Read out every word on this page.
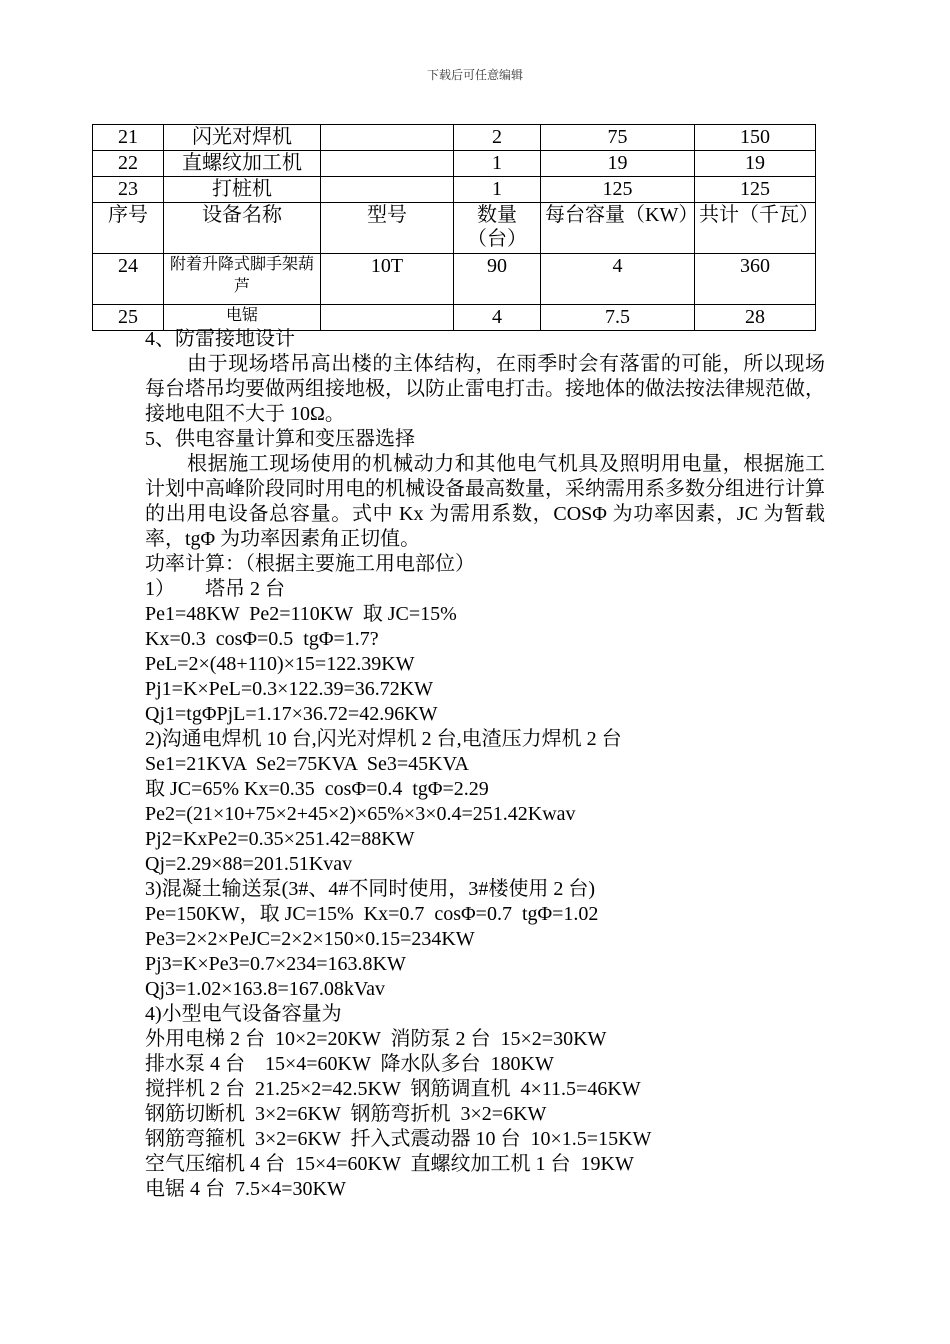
下载后可任意编辑
21	闪光对焊机		2	75	150
22	直螺纹加工机		1	19	19
23	打桩机		1	125	125
序号	设备名称	型号	数量（台）	每台容量（KW）	共计（千瓦）
24	附着升降式脚手架葫芦	10T	90	4	360
25	电锯		4	7.5	28

4、防雷接地设计

由于现场塔吊高出楼的主体结构，在雨季时会有落雷的可能，所以现场每台塔吊均要做两组接地极，以防止雷电打击。接地体的做法按法律规范做，接地电阻不大于 10Ω。

5、供电容量计算和变压器选择

根据施工现场使用的机械动力和其他电气机具及照明用电量，根据施工计划中高峰阶段同时用电的机械设备最高数量，采纳需用系多数分组进行计算的出用电设备总容量。式中 Kx 为需用系数，COSΦ 为功率因素，JC 为暂载率，tgΦ 为功率因素角正切值。

功率计算：（根据主要施工用电部位）

1）      塔吊 2 台

Pe1=48KW  Pe2=110KW  取 JC=15%

Kx=0.3  cosΦ=0.5  tgΦ=1.7?

PeL=2×(48+110)×15=122.39KW

Pj1=K×PeL=0.3×122.39=36.72KW

Qj1=tgΦPjL=1.17×36.72=42.96KW

2)沟通电焊机 10 台,闪光对焊机 2 台,电渣压力焊机 2 台

Se1=21KVA  Se2=75KVA  Se3=45KVA

取 JC=65% Kx=0.35  cosΦ=0.4  tgΦ=2.29

Pe2=(21×10+75×2+45×2)×65%×3×0.4=251.42Kwav

Pj2=KxPe2=0.35×251.42=88KW

Qj=2.29×88=201.51Kvav

3)混凝土输送泵(3#、4#不同时使用，3#楼使用 2 台)

Pe=150KW，取 JC=15%  Kx=0.7  cosΦ=0.7  tgΦ=1.02

Pe3=2×2×PeJC=2×2×150×0.15=234KW

Pj3=K×Pe3=0.7×234=163.8KW

Qj3=1.02×163.8=167.08kVav

4)小型电气设备容量为

外用电梯 2 台  10×2=20KW  消防泵 2 台  15×2=30KW

排水泵 4 台    15×4=60KW  降水队多台  180KW

搅拌机 2 台  21.25×2=42.5KW  钢筋调直机  4×11.5=46KW

钢筋切断机  3×2=6KW  钢筋弯折机  3×2=6KW

钢筋弯箍机  3×2=6KW  扦入式震动器 10 台  10×1.5=15KW

空气压缩机 4 台  15×4=60KW  直螺纹加工机 1 台  19KW

电锯 4 台  7.5×4=30KW
